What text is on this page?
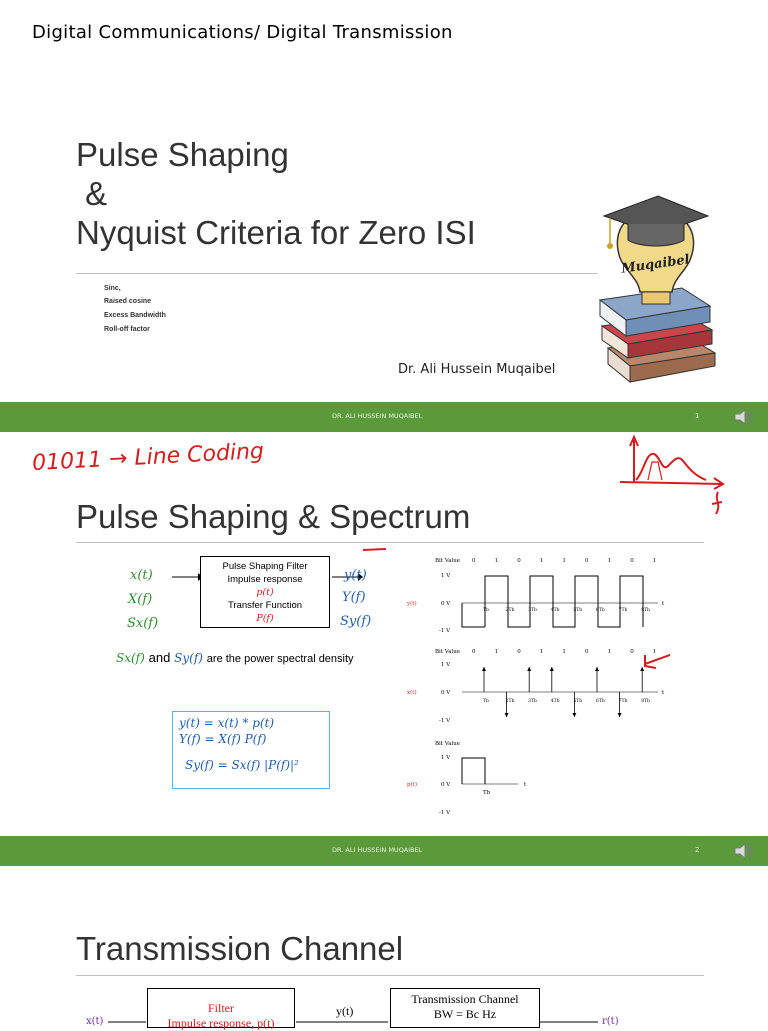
Digital Communications/ Digital Transmission
Pulse Shaping
&
Nyquist Criteria for Zero ISI
Sinc,
Raised cosine
Excess Bandwidth
Roll-off factor
Dr. Ali Hussein Muqaibel
Muqaibel
DR. ALI HUSSEIN MUQAIBEL	1
01011 → Line Coding
Pulse Shaping & Spectrum
x(t)
X(f)
Sx(f)
Pulse Shaping Filter
Impulse response
p(t)
Transfer Function
P(f)
y(t)
Y(f)
Sy(f)
Sx(f) and Sy(f) are the power spectral density
y(t) = x(t) * p(t)
Y(f) = X(f) P(f)
Sy(f) = Sx(f) |P(f)|²
Bit Value 0	1	0	1	1	0	1	0	1
1 V
0 V
-1 V
y(t)	t
Tb	2Tb	3Tb	4Tb	5Tb	6Tb	7Tb	8Tb
Bit Value 0	1	0	1	1	0	1	0	1
1 V
0 V
-1 V
x(t)	t
Tb	2Tb	3Tb	4Tb	5Tb	6Tb	7Tb	8Tb
Bit Value
1 V
0 V
-1 V
p(t)	t
Tb
DR. ALI HUSSEIN MUQAIBEL	2
Transmission Channel
x(t)
Filter
Impulse response, p(t)
y(t)
Transmission Channel
BW = Bc Hz
r(t)
